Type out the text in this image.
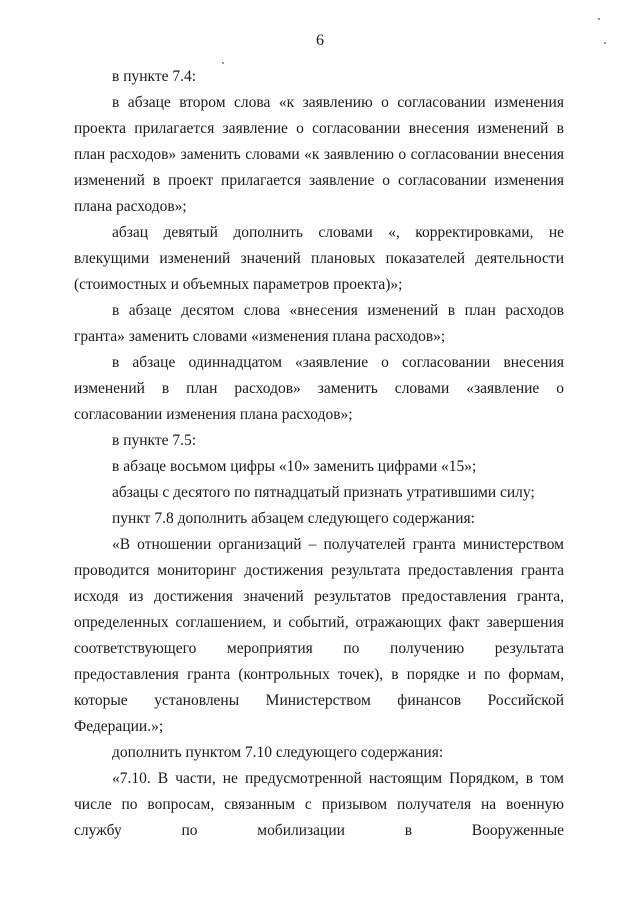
6

в пункте 7.4:

в абзаце втором слова «к заявлению о согласовании изменения проекта прилагается заявление о согласовании внесения изменений в план расходов» заменить словами «к заявлению о согласовании внесения изменений в проект прилагается заявление о согласовании изменения плана расходов»;

абзац девятый дополнить словами «, корректировками, не влекущими изменений значений плановых показателей деятельности (стоимостных и объемных параметров проекта)»;

в абзаце десятом слова «внесения изменений в план расходов гранта» заменить словами «изменения плана расходов»;

в абзаце одиннадцатом «заявление о согласовании внесения изменений в план расходов» заменить словами «заявление о согласовании изменения плана расходов»;

в пункте 7.5:

в абзаце восьмом цифры «10» заменить цифрами «15»;

абзацы с десятого по пятнадцатый признать утратившими силу;

пункт 7.8 дополнить абзацем следующего содержания:

«В отношении организаций – получателей гранта министерством проводится мониторинг достижения результата предоставления гранта исходя из достижения значений результатов предоставления гранта, определенных соглашением, и событий, отражающих факт завершения соответствующего мероприятия по получению результата предоставления гранта (контрольных точек), в порядке и по формам, которые установлены Министерством финансов Российской Федерации.»;

дополнить пунктом 7.10 следующего содержания:

«7.10. В части, не предусмотренной настоящим Порядком, в том числе по вопросам, связанным с призывом получателя на военную службу по мобилизации в Вооруженные
